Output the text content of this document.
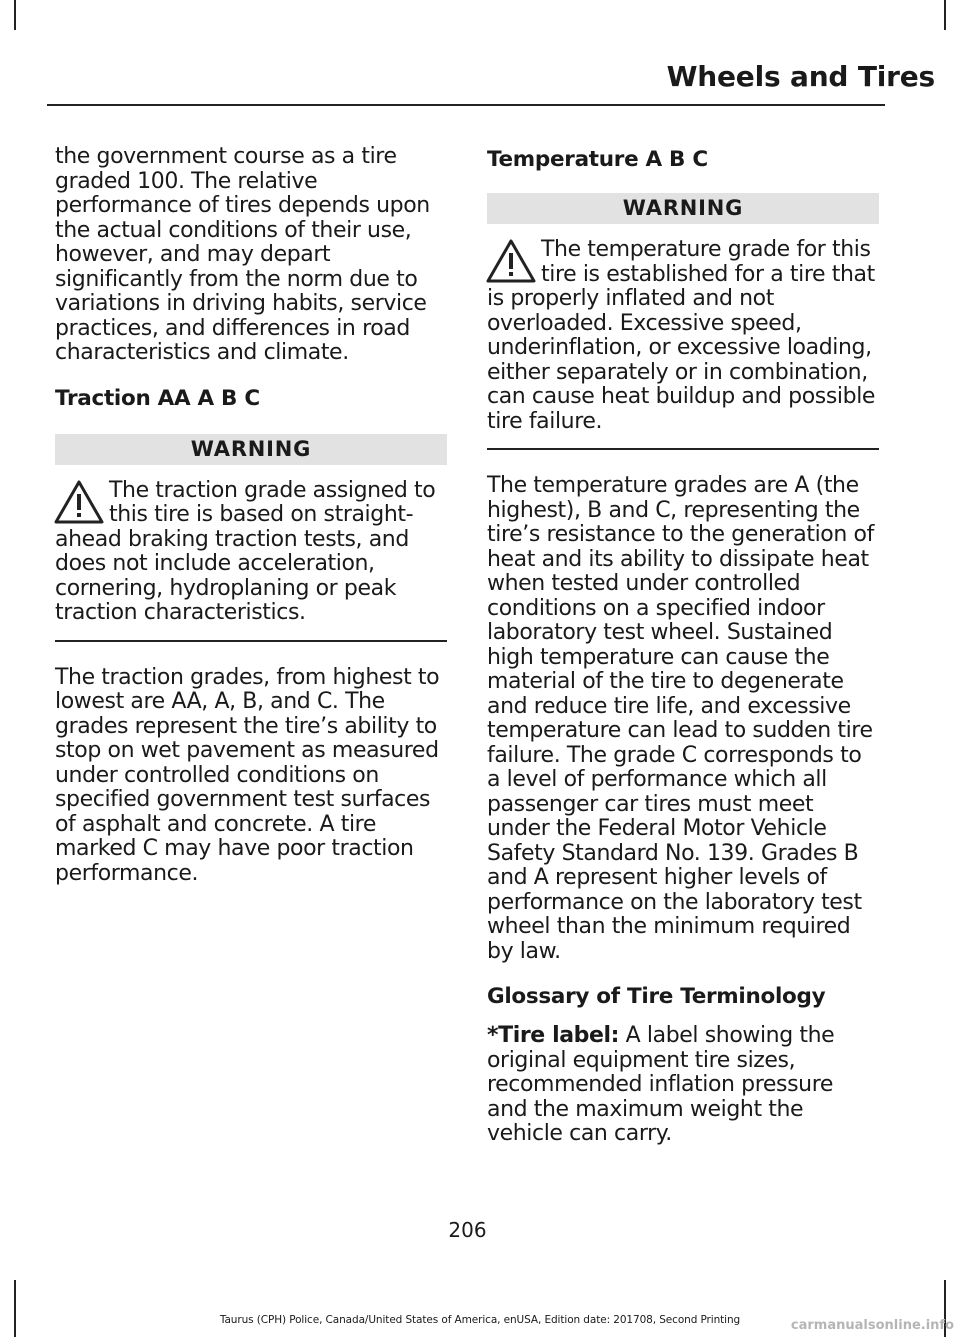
Wheels and Tires

the government course as a tire graded 100. The relative performance of tires depends upon the actual conditions of their use, however, and may depart significantly from the norm due to variations in driving habits, service practices, and differences in road characteristics and climate.

Traction AA A B C
WARNING

The traction grade assigned to this tire is based on straight-ahead braking traction tests, and does not include acceleration, cornering, hydroplaning or peak traction characteristics.

The traction grades, from highest to lowest are AA, A, B, and C. The grades represent the tire’s ability to stop on wet pavement as measured under controlled conditions on specified government test surfaces of asphalt and concrete. A tire marked C may have poor traction performance.

Temperature A B C
WARNING

The temperature grade for this tire is established for a tire that is properly inflated and not overloaded. Excessive speed, underinflation, or excessive loading, either separately or in combination, can cause heat buildup and possible tire failure.

The temperature grades are A (the highest), B and C, representing the tire’s resistance to the generation of heat and its ability to dissipate heat when tested under controlled conditions on a specified indoor laboratory test wheel. Sustained high temperature can cause the material of the tire to degenerate and reduce tire life, and excessive temperature can lead to sudden tire failure. The grade C corresponds to a level of performance which all passenger car tires must meet under the Federal Motor Vehicle Safety Standard No. 139. Grades B and A represent higher levels of performance on the laboratory test wheel than the minimum required by law.

Glossary of Tire Terminology

*Tire label: A label showing the original equipment tire sizes, recommended inflation pressure and the maximum weight the vehicle can carry.

206
Taurus (CPH) Police, Canada/United States of America, enUSA, Edition date: 201708, Second Printing	carmanualsonline.info
